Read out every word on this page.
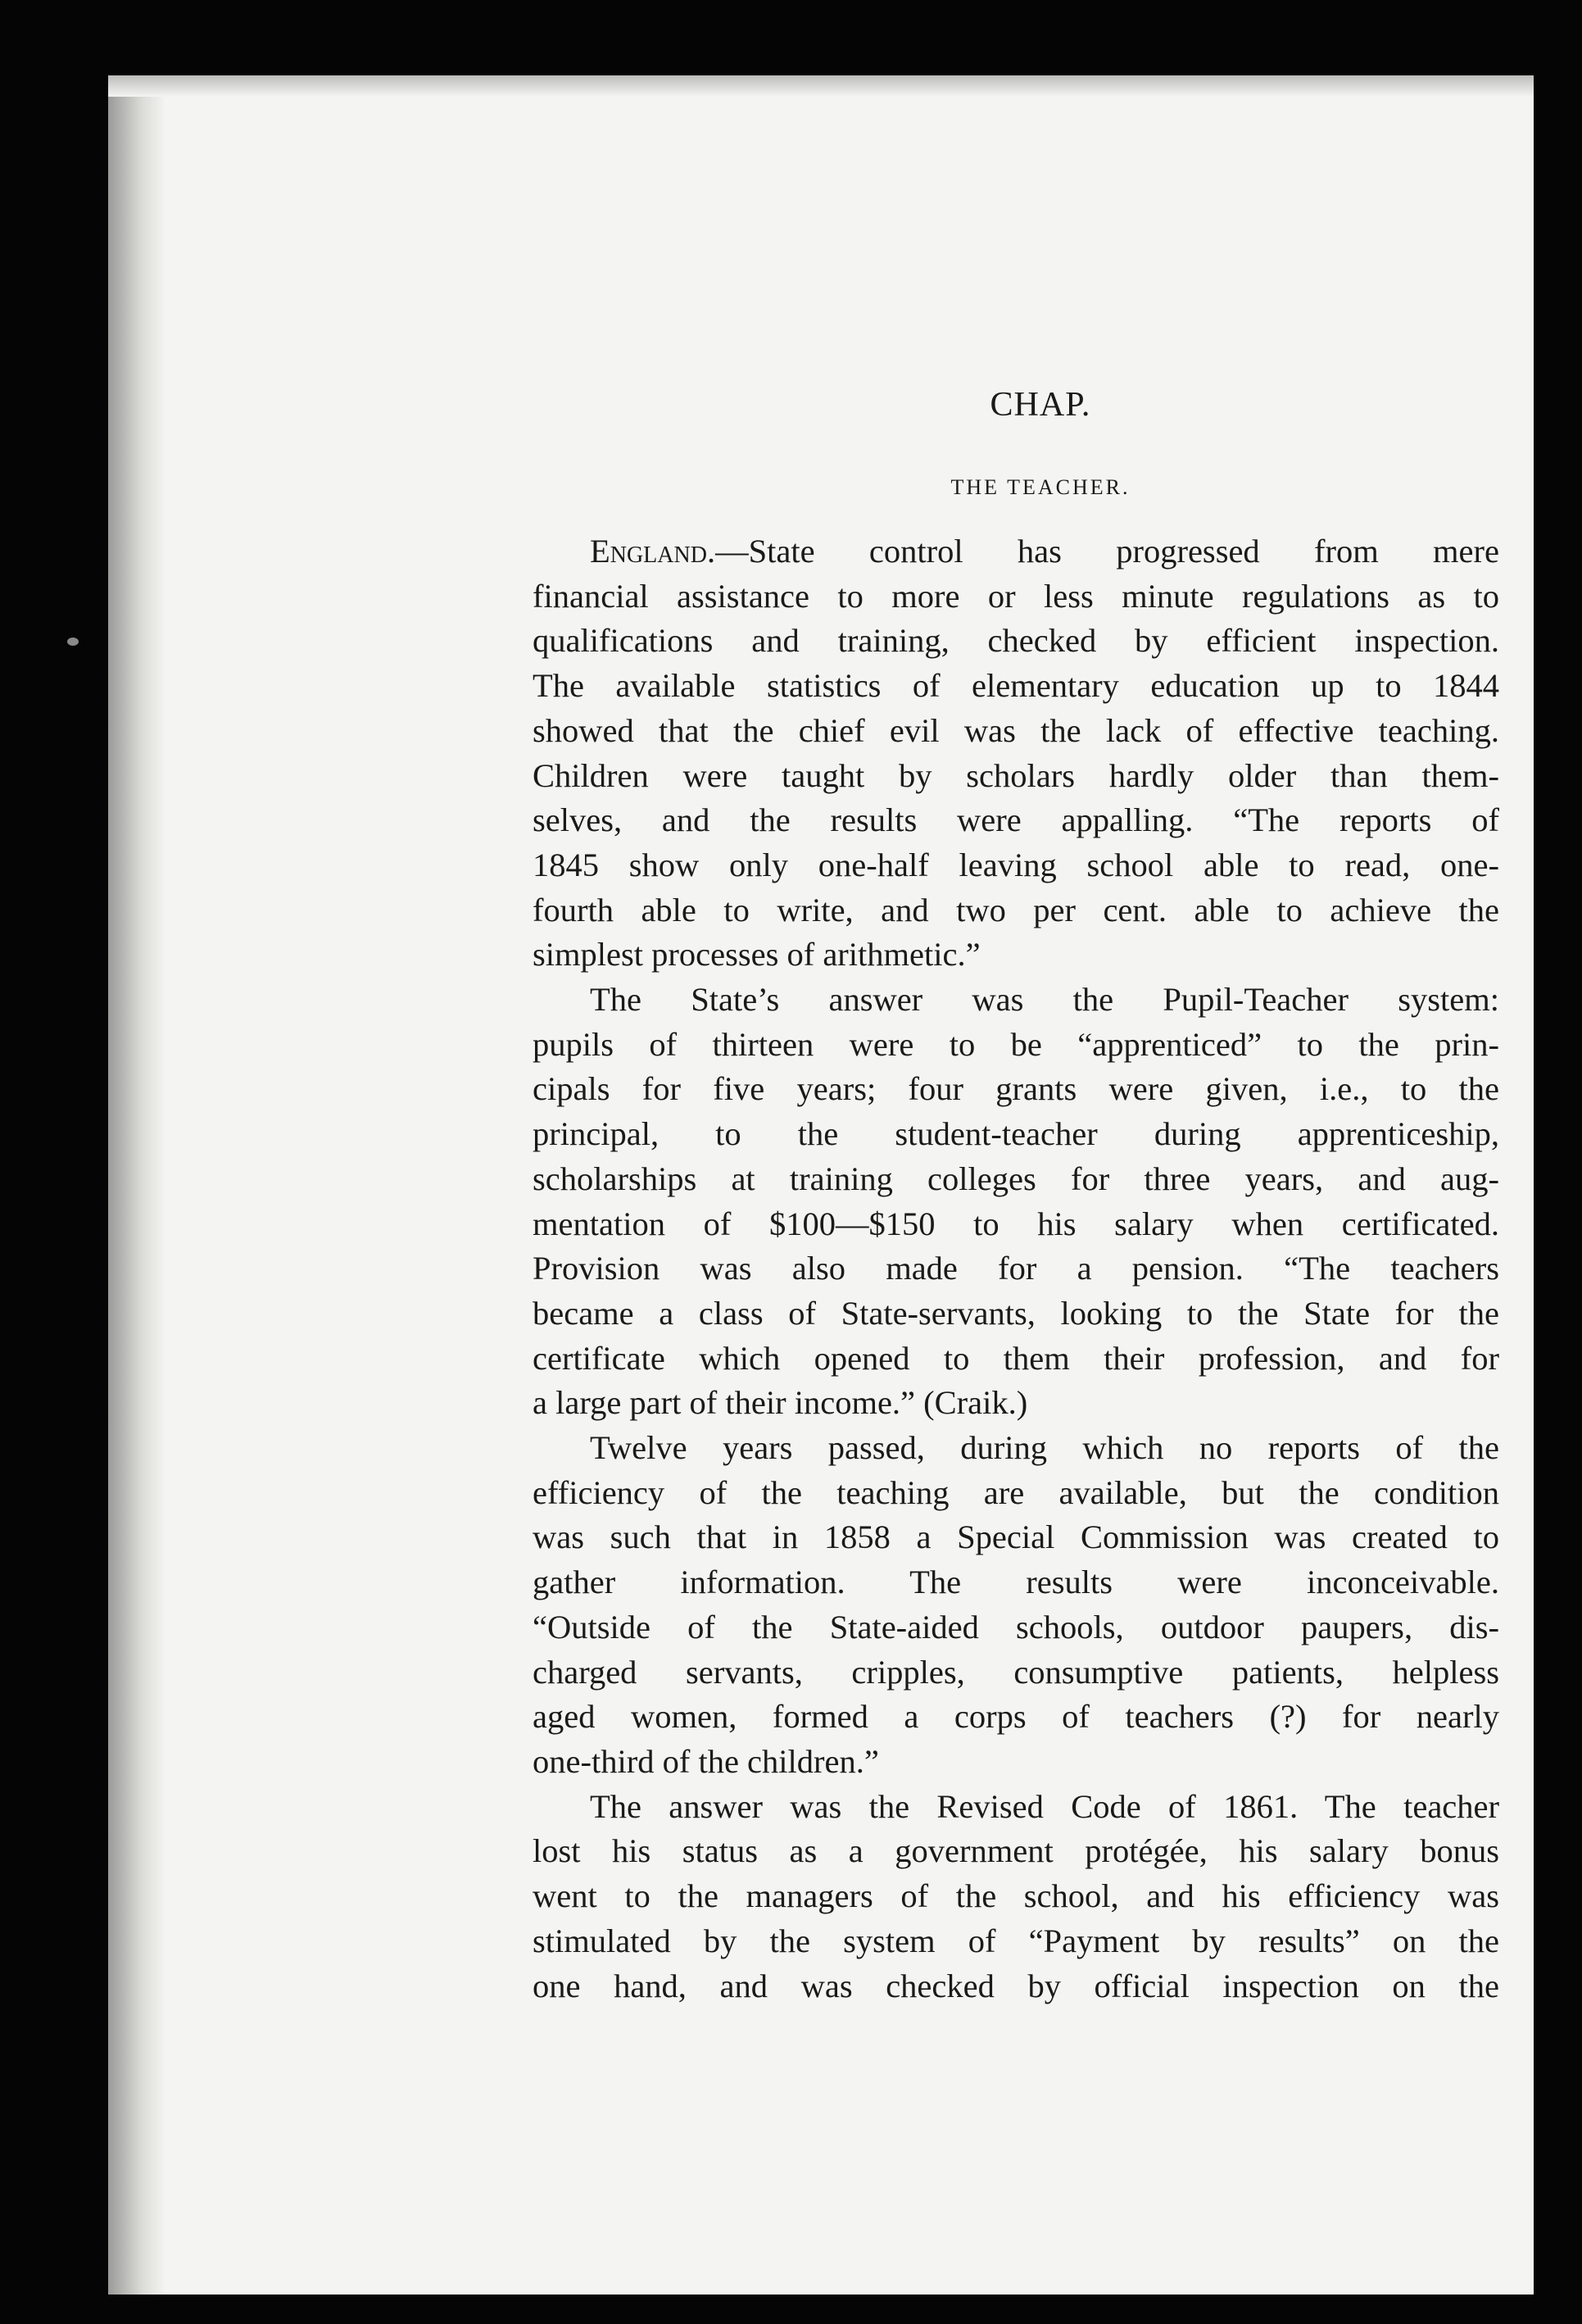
CHAP.
THE TEACHER.
England.—State control has progressed from mere
financial assistance to more or less minute regulations as to
qualifications and training, checked by efficient inspection.
The available statistics of elementary education up to 1844
showed that the chief evil was the lack of effective teaching.
Children were taught by scholars hardly older than them-
selves, and the results were appalling. “The reports of
1845 show only one-half leaving school able to read, one-
fourth able to write, and two per cent. able to achieve the
simplest processes of arithmetic.”
The State’s answer was the Pupil-Teacher system:
pupils of thirteen were to be “apprenticed” to the prin-
cipals for five years; four grants were given, i.e., to the
principal, to the student-teacher during apprenticeship,
scholarships at training colleges for three years, and aug-
mentation of $100—$150 to his salary when certificated.
Provision was also made for a pension. “The teachers
became a class of State-servants, looking to the State for the
certificate which opened to them their profession, and for
a large part of their income.” (Craik.)
Twelve years passed, during which no reports of the
efficiency of the teaching are available, but the condition
was such that in 1858 a Special Commission was created to
gather information. The results were inconceivable.
“Outside of the State-aided schools, outdoor paupers, dis-
charged servants, cripples, consumptive patients, helpless
aged women, formed a corps of teachers (?) for nearly
one-third of the children.”
The answer was the Revised Code of 1861. The teacher
lost his status as a government protégée, his salary bonus
went to the managers of the school, and his efficiency was
stimulated by the system of “Payment by results” on the
one hand, and was checked by official inspection on the
